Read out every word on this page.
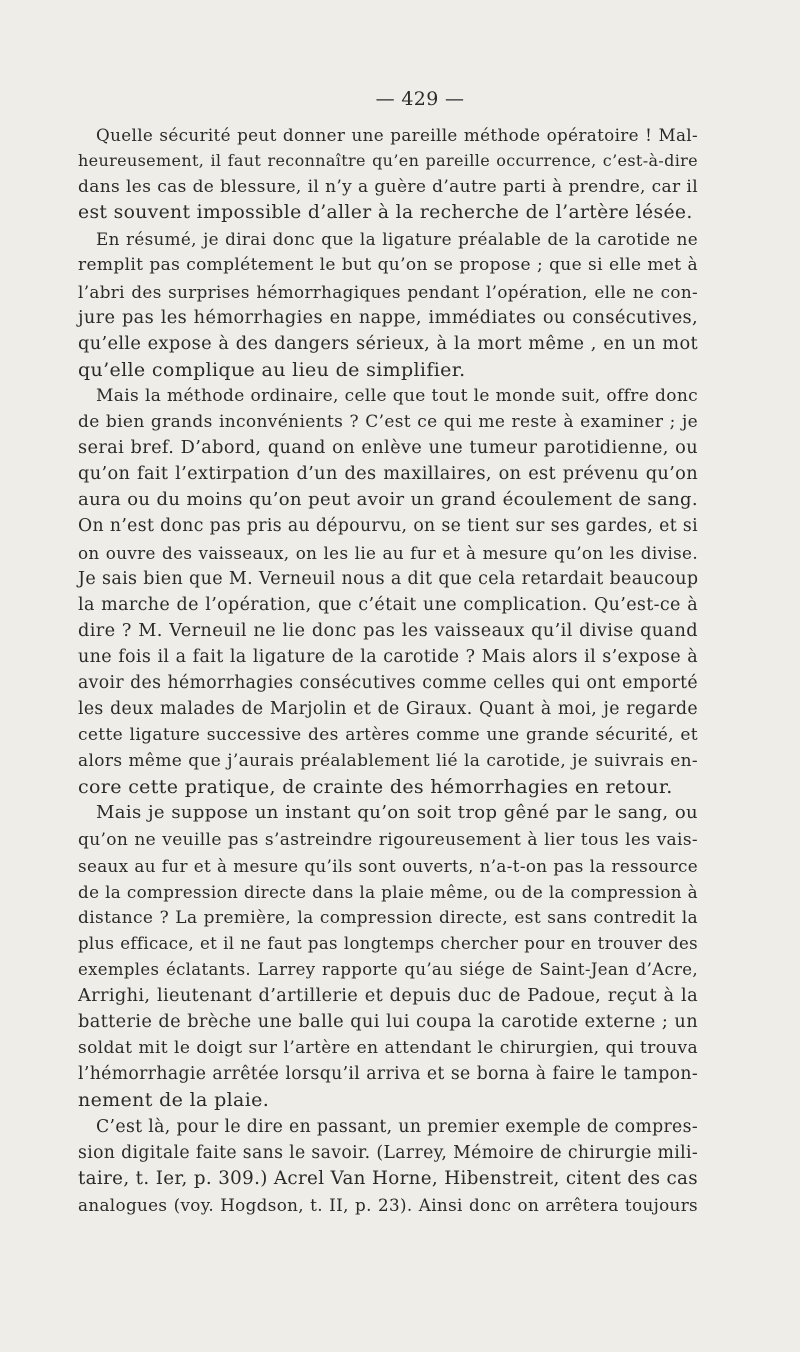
— 429 —
Quelle sécurité peut donner une pareille méthode opératoire ! Mal-
heureusement, il faut reconnaître qu’en pareille occurrence, c’est-à-dire
dans les cas de blessure, il n’y a guère d’autre parti à prendre, car il
est souvent impossible d’aller à la recherche de l’artère lésée.
En résumé, je dirai donc que la ligature préalable de la carotide ne
remplit pas complétement le but qu’on se propose ; que si elle met à
l’abri des surprises hémorrhagiques pendant l’opération, elle ne con-
jure pas les hémorrhagies en nappe, immédiates ou consécutives,
qu’elle expose à des dangers sérieux, à la mort même , en un mot
qu’elle complique au lieu de simplifier.
Mais la méthode ordinaire, celle que tout le monde suit, offre donc
de bien grands inconvénients ? C’est ce qui me reste à examiner ; je
serai bref. D’abord, quand on enlève une tumeur parotidienne, ou
qu’on fait l’extirpation d’un des maxillaires, on est prévenu qu’on
aura ou du moins qu’on peut avoir un grand écoulement de sang.
On n’est donc pas pris au dépourvu, on se tient sur ses gardes, et si
on ouvre des vaisseaux, on les lie au fur et à mesure qu’on les divise.
Je sais bien que M. Verneuil nous a dit que cela retardait beaucoup
la marche de l’opération, que c’était une complication. Qu’est-ce à
dire ? M. Verneuil ne lie donc pas les vaisseaux qu’il divise quand
une fois il a fait la ligature de la carotide ? Mais alors il s’expose à
avoir des hémorrhagies consécutives comme celles qui ont emporté
les deux malades de Marjolin et de Giraux. Quant à moi, je regarde
cette ligature successive des artères comme une grande sécurité, et
alors même que j’aurais préalablement lié la carotide, je suivrais en-
core cette pratique, de crainte des hémorrhagies en retour.
Mais je suppose un instant qu’on soit trop gêné par le sang, ou
qu’on ne veuille pas s’astreindre rigoureusement à lier tous les vais-
seaux au fur et à mesure qu’ils sont ouverts, n’a-t-on pas la ressource
de la compression directe dans la plaie même, ou de la compression à
distance ? La première, la compression directe, est sans contredit la
plus efficace, et il ne faut pas longtemps chercher pour en trouver des
exemples éclatants. Larrey rapporte qu’au siége de Saint-Jean d’Acre,
Arrighi, lieutenant d’artillerie et depuis duc de Padoue, reçut à la
batterie de brèche une balle qui lui coupa la carotide externe ; un
soldat mit le doigt sur l’artère en attendant le chirurgien, qui trouva
l’hémorrhagie arrêtée lorsqu’il arriva et se borna à faire le tampon-
nement de la plaie.
C’est là, pour le dire en passant, un premier exemple de compres-
sion digitale faite sans le savoir. (Larrey, Mémoire de chirurgie mili-
taire, t. Ier, p. 309.) Acrel Van Horne, Hibenstreit, citent des cas
analogues (voy. Hogdson, t. II, p. 23). Ainsi donc on arrêtera toujours
